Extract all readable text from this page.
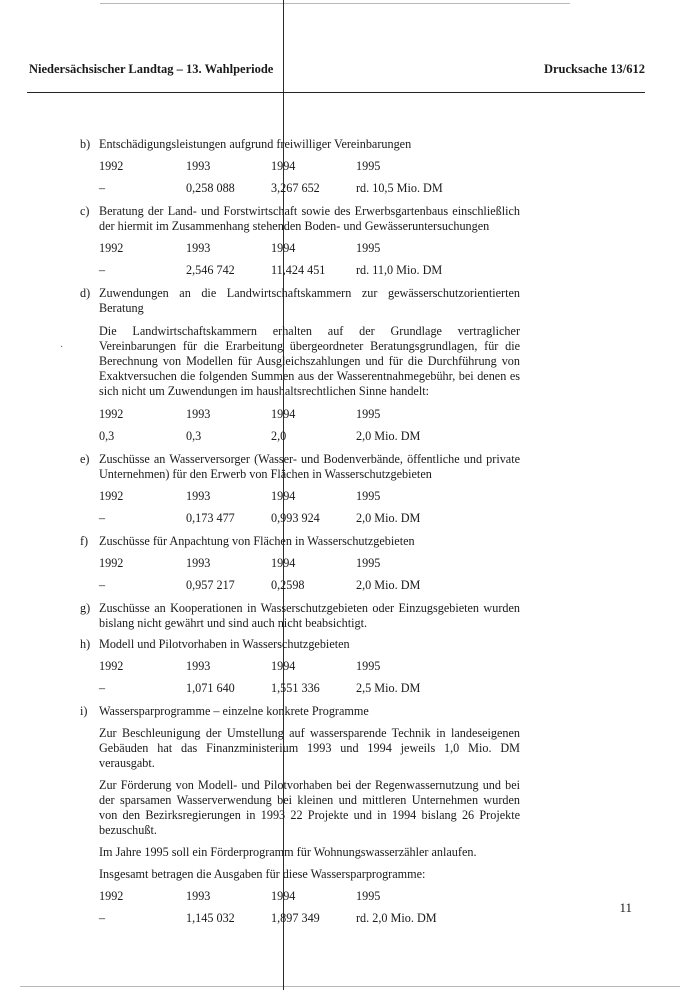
Niedersächsischer Landtag – 13. Wahlperiode	Drucksache 13/612
·
b) Entschädigungsleistungen aufgrund freiwilliger Vereinbarungen
1992	1993	1994	1995
–	0,258 088	3,267 652	rd. 10,5 Mio. DM
c) Beratung der Land- und Forstwirtschaft sowie des Erwerbsgartenbaus einschließlich der hiermit im Zusammenhang stehenden Boden- und Gewässeruntersuchungen
1992	1993	1994	1995
–	2,546 742	11,424 451	rd. 11,0 Mio. DM
d) Zuwendungen an die Landwirtschaftskammern zur gewässerschutzorientierten Beratung
Die Landwirtschaftskammern erhalten auf der Grundlage vertraglicher Vereinbarungen für die Erarbeitung übergeordneter Beratungsgrundlagen, für die Berechnung von Modellen für Ausgleichszahlungen und für die Durchführung von Exaktversuchen die folgenden Summen aus der Wasserentnahmegebühr, bei denen es sich nicht um Zuwendungen im haushaltsrechtlichen Sinne handelt:
1992	1993	1994	1995
0,3	0,3	2,0	2,0 Mio. DM
e) Zuschüsse an Wasserversorger (Wasser- und Bodenverbände, öffentliche und private Unternehmen) für den Erwerb von Flächen in Wasserschutzgebieten
1992	1993	1994	1995
–	0,173 477	0,993 924	2,0 Mio. DM
f) Zuschüsse für Anpachtung von Flächen in Wasserschutzgebieten
1992	1993	1994	1995
–	0,957 217	0,2598	2,0 Mio. DM
g) Zuschüsse an Kooperationen in Wasserschutzgebieten oder Einzugsgebieten wurden bislang nicht gewährt und sind auch nicht beabsichtigt.
h) Modell und Pilotvorhaben in Wasserschutzgebieten
1992	1993	1994	1995
–	1,071 640	1,551 336	2,5 Mio. DM
i) Wassersparprogramme – einzelne konkrete Programme
Zur Beschleunigung der Umstellung auf wassersparende Technik in landeseigenen Gebäuden hat das Finanzministerium 1993 und 1994 jeweils 1,0 Mio. DM verausgabt.
Zur Förderung von Modell- und Pilotvorhaben bei der Regenwassernutzung und bei der sparsamen Wasserverwendung bei kleinen und mittleren Unternehmen wurden von den Bezirksregierungen in 1993 22 Projekte und in 1994 bislang 26 Projekte bezuschußt.
Im Jahre 1995 soll ein Förderprogramm für Wohnungswasserzähler anlaufen.
Insgesamt betragen die Ausgaben für diese Wassersparprogramme:
1992	1993	1994	1995
–	1,145 032	1,897 349	rd. 2,0 Mio. DM
11
